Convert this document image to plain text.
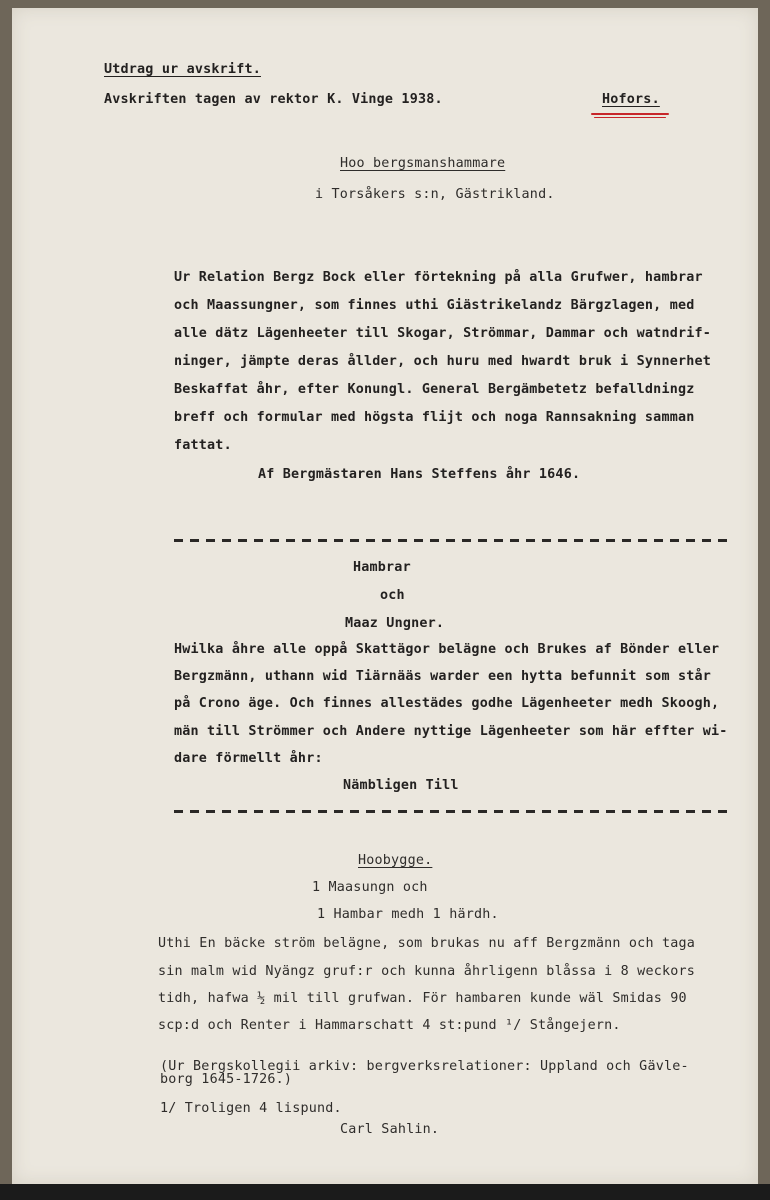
Utdrag ur avskrift.

Avskriften tagen av rektor K. Vinge 1938.	Hofors.

Hoo bergsmanshammare

i Torsåkers s:n, Gästrikland.

Ur Relation Bergz Bock eller förtekning på alla Grufwer, hambrar

och Maassungner, som finnes uthi Giästrikelandz Bärgzlagen, med

alle dätz Lägenheeter till Skogar, Strömmar, Dammar och watndrif-

ninger, jämpte deras ållder, och huru med hwardt bruk i Synnerhet

Beskaffat åhr, efter Konungl. General Bergämbetetz befalldningz

breff och formular med högsta flijt och noga Rannsakning samman

fattat.

Af Bergmästaren Hans Steffens åhr 1646.

Hambrar

och

Maaz Ungner.

Hwilka åhre alle oppå Skattägor belägne och Brukes af Bönder eller

Bergzmänn, uthann wid Tiärnääs warder een hytta befunnit som står

på Crono äge. Och finnes allestädes godhe Lägenheeter medh Skoogh,

män till Strömmer och Andere nyttige Lägenheeter som här effter wi-

dare förmellt åhr:

Nämbligen Till

Hoobygge.

1 Maasungn och

1 Hambar medh 1 härdh.

Uthi En bäcke ström belägne, som brukas nu aff Bergzmänn och taga

sin malm wid Nyängz gruf:r och kunna åhrligenn blåssa i 8 weckors

tidh, hafwa ½ mil till grufwan. För hambaren kunde wäl Smidas 90

scp:d och Renter i Hammarschatt 4 st:pund ¹/ Stångejern.

(Ur Bergskollegii arkiv: bergverksrelationer: Uppland och Gävle-

borg 1645-1726.)

1/ Troligen 4 lispund.

Carl Sahlin.
